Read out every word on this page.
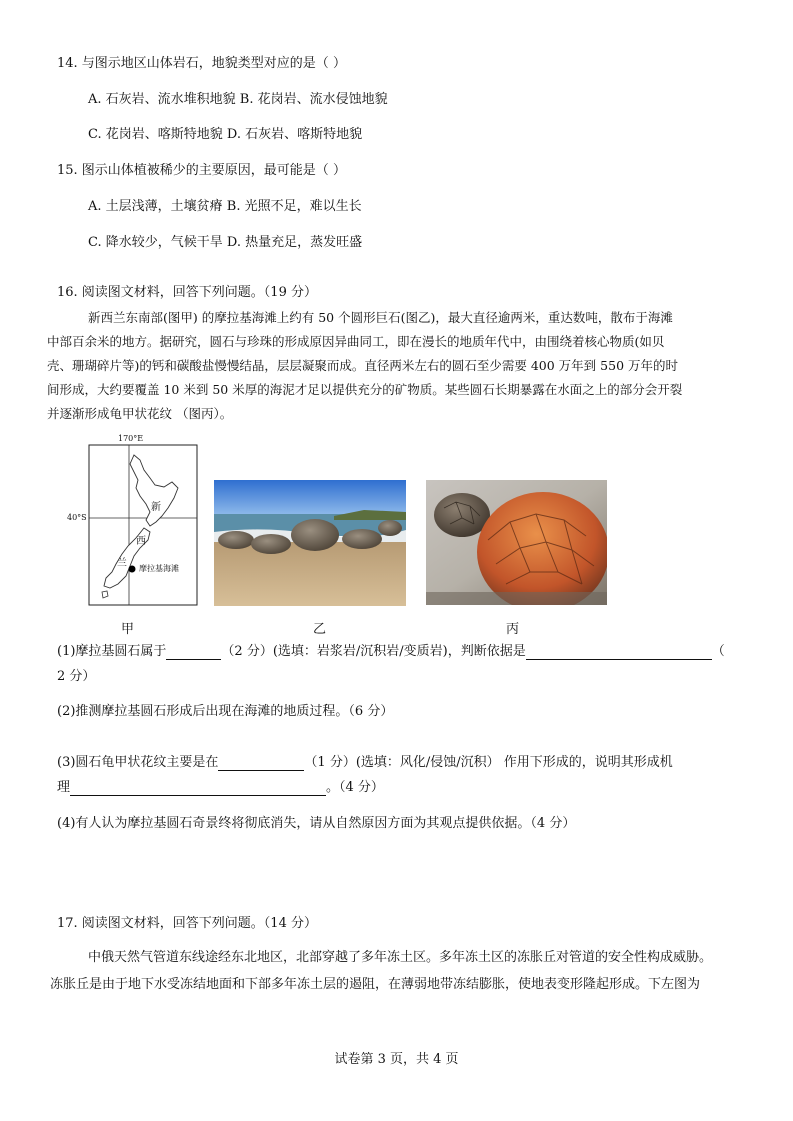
14. 与图示地区山体岩石，地貌类型对应的是（ ）
A. 石灰岩、流水堆积地貌 B. 花岗岩、流水侵蚀地貌
C. 花岗岩、喀斯特地貌 D. 石灰岩、喀斯特地貌
15. 图示山体植被稀少的主要原因，最可能是（ ）
A. 土层浅薄，土壤贫瘠 B. 光照不足，难以生长
C. 降水较少，气候干旱 D. 热量充足，蒸发旺盛
16. 阅读图文材料，回答下列问题。（19 分）
新西兰东南部(图甲) 的摩拉基海滩上约有 50 个圆形巨石(图乙)，最大直径逾两米，重达数吨，散布于海滩
中部百余米的地方。据研究，圆石与珍珠的形成原因异曲同工，即在漫长的地质年代中，由围绕着核心物质(如贝
壳、珊瑚碎片等)的钙和碳酸盐慢慢结晶，层层凝聚而成。直径两米左右的圆石至少需要 400 万年到 550 万年的时
间形成，大约要覆盖 10 米到 50 米厚的海泥才足以提供充分的矿物质。某些圆石长期暴露在水面之上的部分会开裂
并逐渐形成龟甲状花纹 （图丙）。
170°E
40°S
新
西
兰 摩拉基海滩
甲	乙	丙
(1)摩拉基圆石属于	（2 分）(选填：岩浆岩/沉积岩/变质岩)，判断依据是	（
2 分）
(2)推测摩拉基圆石形成后出现在海滩的地质过程。（6 分）
(3)圆石龟甲状花纹主要是在	（1 分）(选填：风化/侵蚀/沉积） 作用下形成的，说明其形成机
理	。（4 分）
(4)有人认为摩拉基圆石奇景终将彻底消失，请从自然原因方面为其观点提供依据。（4 分）
17. 阅读图文材料，回答下列问题。（14 分）
中俄天然气管道东线途经东北地区，北部穿越了多年冻土区。多年冻土区的冻胀丘对管道的安全性构成威胁。
冻胀丘是由于地下水受冻结地面和下部多年冻土层的遏阻，在薄弱地带冻结膨胀，使地表变形隆起形成。下左图为
试卷第 3 页，共 4 页
